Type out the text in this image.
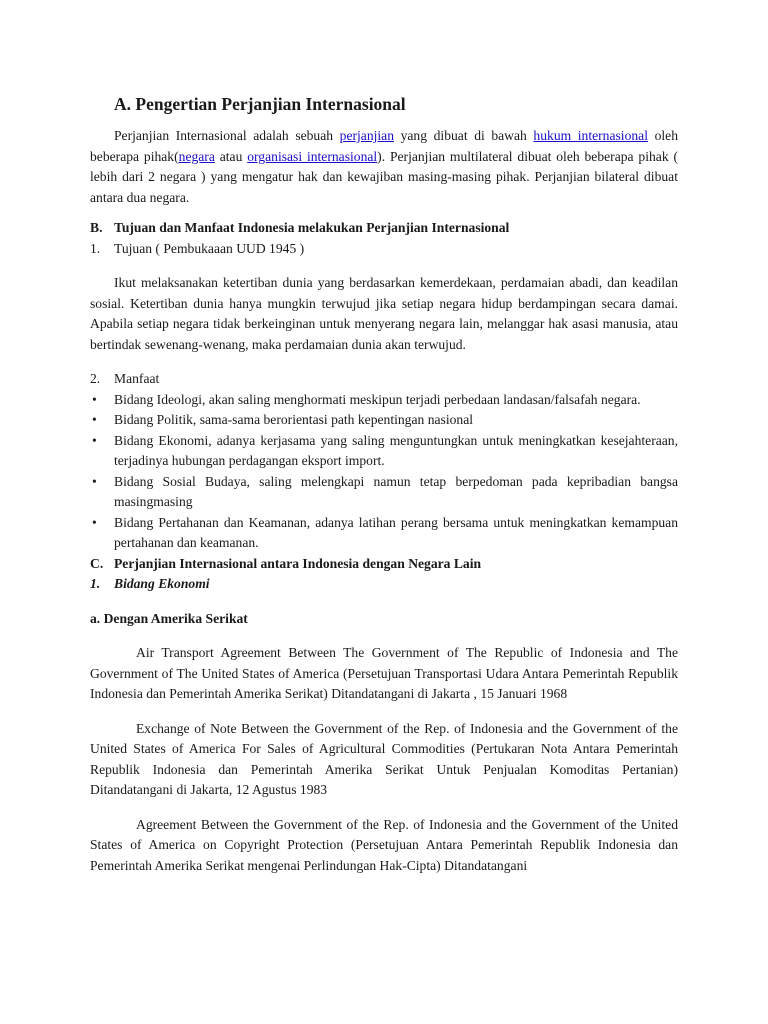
A. Pengertian Perjanjian Internasional

Perjanjian Internasional adalah sebuah perjanjian yang dibuat di bawah hukum internasional oleh beberapa pihak(negara atau organisasi internasional). Perjanjian multilateral dibuat oleh beberapa pihak ( lebih dari 2 negara ) yang mengatur hak dan kewajiban masing-masing pihak. Perjanjian bilateral dibuat antara dua negara.

B. Tujuan dan Manfaat Indonesia melakukan Perjanjian Internasional
1.	Tujuan ( Pembukaaan UUD 1945 )

Ikut melaksanakan ketertiban dunia yang berdasarkan kemerdekaan, perdamaian abadi, dan keadilan sosial. Ketertiban dunia hanya mungkin terwujud jika setiap negara hidup berdampingan secara damai. Apabila setiap negara tidak berkeinginan untuk menyerang negara lain, melanggar hak asasi manusia, atau bertindak sewenang-wenang, maka perdamaian dunia akan terwujud.

2.	Manfaat
•	Bidang Ideologi, akan saling menghormati meskipun terjadi perbedaan landasan/falsafah negara.
•	Bidang Politik, sama-sama berorientasi path kepentingan nasional
•	Bidang Ekonomi, adanya kerjasama yang saling menguntungkan untuk meningkatkan kesejahteraan, terjadinya hubungan perdagangan eksport import.
•	Bidang Sosial Budaya, saling melengkapi namun tetap berpedoman pada kepribadian bangsa masingmasing
•	Bidang Pertahanan dan Keamanan, adanya latihan perang bersama untuk meningkatkan kemampuan pertahanan dan keamanan.
C. Perjanjian Internasional antara Indonesia dengan Negara Lain
1.	Bidang Ekonomi

a. Dengan Amerika Serikat

Air Transport Agreement Between The Government of The Republic of Indonesia and The Government of The United States of America (Persetujuan Transportasi Udara Antara Pemerintah Republik Indonesia dan Pemerintah Amerika Serikat) Ditandatangani di Jakarta , 15 Januari 1968

Exchange of Note Between the Government of the Rep. of Indonesia and the Government of the United States of America For Sales of Agricultural Commodities (Pertukaran Nota Antara Pemerintah Republik Indonesia dan Pemerintah Amerika Serikat Untuk Penjualan Komoditas Pertanian) Ditandatangani di Jakarta, 12 Agustus 1983

Agreement Between the Government of the Rep. of Indonesia and the Government of the United States of America on Copyright Protection (Persetujuan Antara Pemerintah Republik Indonesia dan Pemerintah Amerika Serikat mengenai Perlindungan Hak-Cipta) Ditandatangani
